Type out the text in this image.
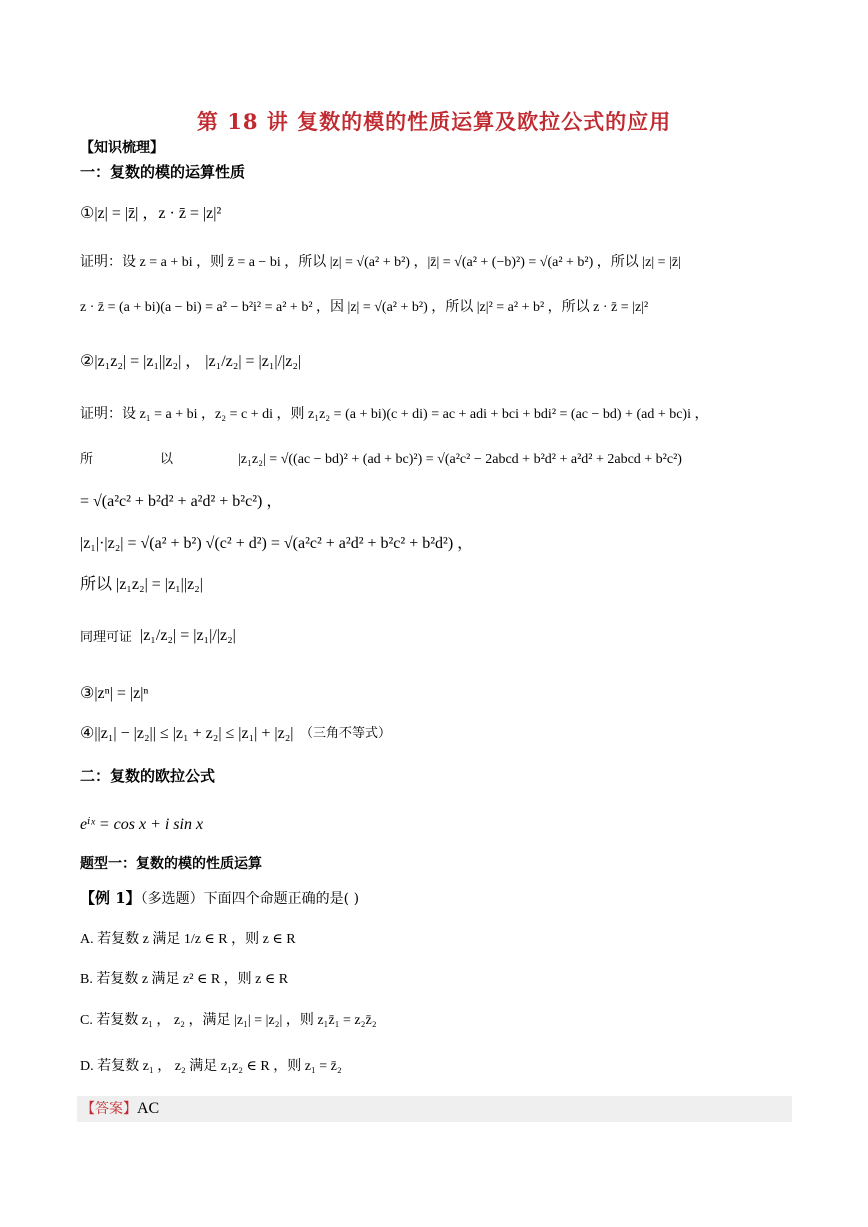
第 18 讲 复数的模的性质运算及欧拉公式的应用
【知识梳理】
一：复数的模的运算性质
①|z| = |z̄| ，z · z̄ = |z|²
证明：设 z = a + bi ，则 z̄ = a − bi ，所以 |z| = √(a² + b²) ，|z̄| = √(a² + (−b)²) = √(a² + b²) ，所以 |z| = |z̄|
z · z̄ = (a + bi)(a − bi) = a² − b²i² = a² + b² ，因 |z| = √(a² + b²) ，所以 |z|² = a² + b² ，所以 z · z̄ = |z|²
②|z₁z₂| = |z₁||z₂| ， |z₁/z₂| = |z₁|/|z₂|
证明：设 z₁ = a + bi ，z₂ = c + di ，则 z₁z₂ = (a + bi)(c + di) = ac + adi + bci + bdi² = (ac − bd) + (ad + bc)i ，
所	以	|z₁z₂| = √((ac − bd)² + (ad + bc)²) = √(a²c² − 2abcd + b²d² + a²d² + 2abcd + b²c²)
= √(a²c² + b²d² + a²d² + b²c²) ，
|z₁|·|z₂| = √(a² + b²) √(c² + d²) = √(a²c² + a²d² + b²c² + b²d²) ，
所以 |z₁z₂| = |z₁||z₂|
同理可证 |z₁/z₂| = |z₁|/|z₂|
③|zⁿ| = |z|ⁿ
④||z₁| − |z₂|| ≤ |z₁ + z₂| ≤ |z₁| + |z₂| （三角不等式）
二：复数的欧拉公式
eⁱˣ = cos x + i sin x
题型一：复数的模的性质运算
【例 1】（多选题）下面四个命题正确的是( )
A. 若复数 z 满足 1/z ∈ R ，则 z ∈ R
B. 若复数 z 满足 z² ∈ R ，则 z ∈ R
C. 若复数 z₁ ， z₂ ，满足 |z₁| = |z₂| ，则 z₁z̄₁ = z₂z̄₂
D. 若复数 z₁ ， z₂ 满足 z₁z₂ ∈ R ，则 z₁ = z̄₂
【答案】AC
